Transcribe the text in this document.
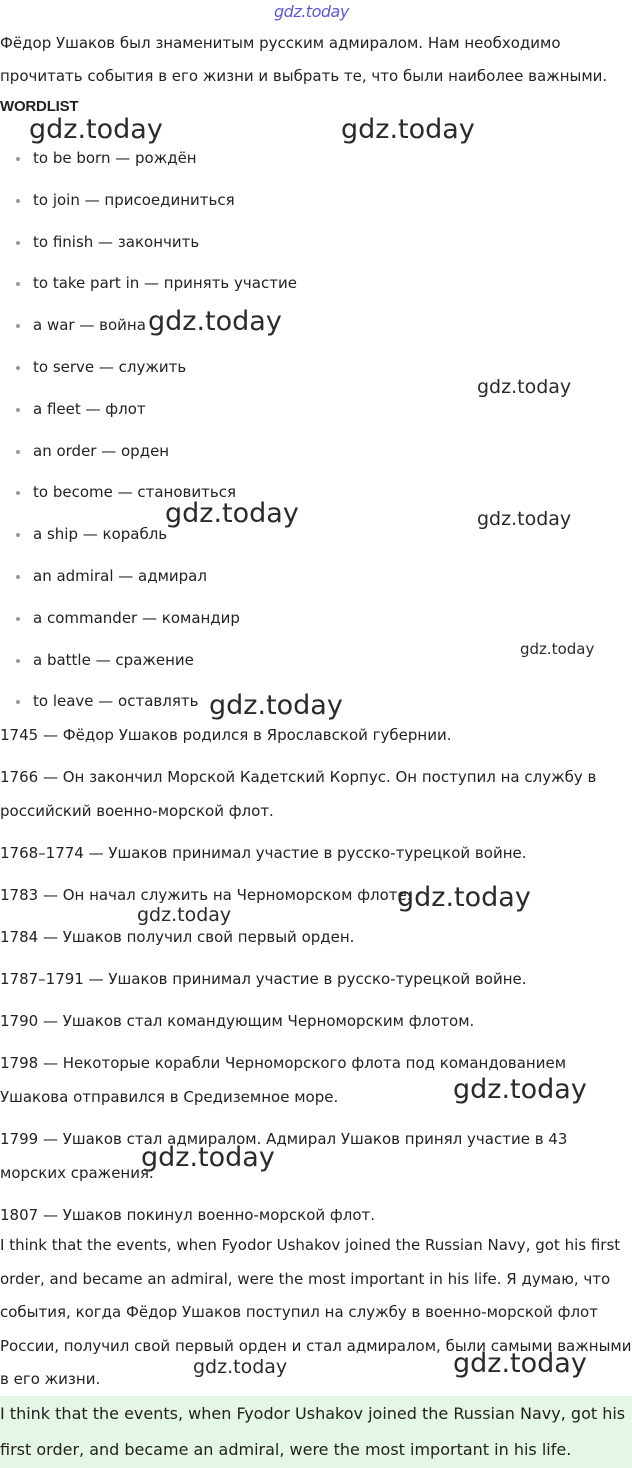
gdz.today

Фёдор Ушаков был знаменитым русским адмиралом. Нам необходимо прочитать события в его жизни и выбрать те, что были наиболее важными.

WORDLIST
to be born — рождён
to join — присоединиться
to finish — закончить
to take part in — принять участие
a war — война
to serve — служить
a fleet — флот
an order — орден
to become — становиться
a ship — корабль
an admiral — адмирал
a commander — командир
a battle — сражение
to leave — оставлять

1745 — Фёдор Ушаков родился в Ярославской губернии.

1766 — Он закончил Морской Кадетский Корпус. Он поступил на службу в российский военно-морской флот.

1768–1774 — Ушаков принимал участие в русско-турецкой войне.

1783 — Он начал служить на Черноморском флоте.

1784 — Ушаков получил свой первый орден.

1787–1791 — Ушаков принимал участие в русско-турецкой войне.

1790 — Ушаков стал командующим Черноморским флотом.

1798 — Некоторые корабли Черноморского флота под командованием Ушакова отправился в Средиземное море.

1799 — Ушаков стал адмиралом. Адмирал Ушаков принял участие в 43 морских сражения.

1807 — Ушаков покинул военно-морской флот.

I think that the events, when Fyodor Ushakov joined the Russian Navy, got his first order, and became an admiral, were the most important in his life. Я думаю, что события, когда Фёдор Ушаков поступил на службу в военно-морской флот России, получил свой первый орден и стал адмиралом, были самыми важными в его жизни.

I think that the events, when Fyodor Ushakov joined the Russian Navy, got his first order, and became an admiral, were the most important in his life.
gdz.today	gdz.today
gdz.today
gdz.today
gdz.today	gdz.today
gdz.today
gdz.today
gdz.today
gdz.today
gdz.today
gdz.today
gdz.today	gdz.today
